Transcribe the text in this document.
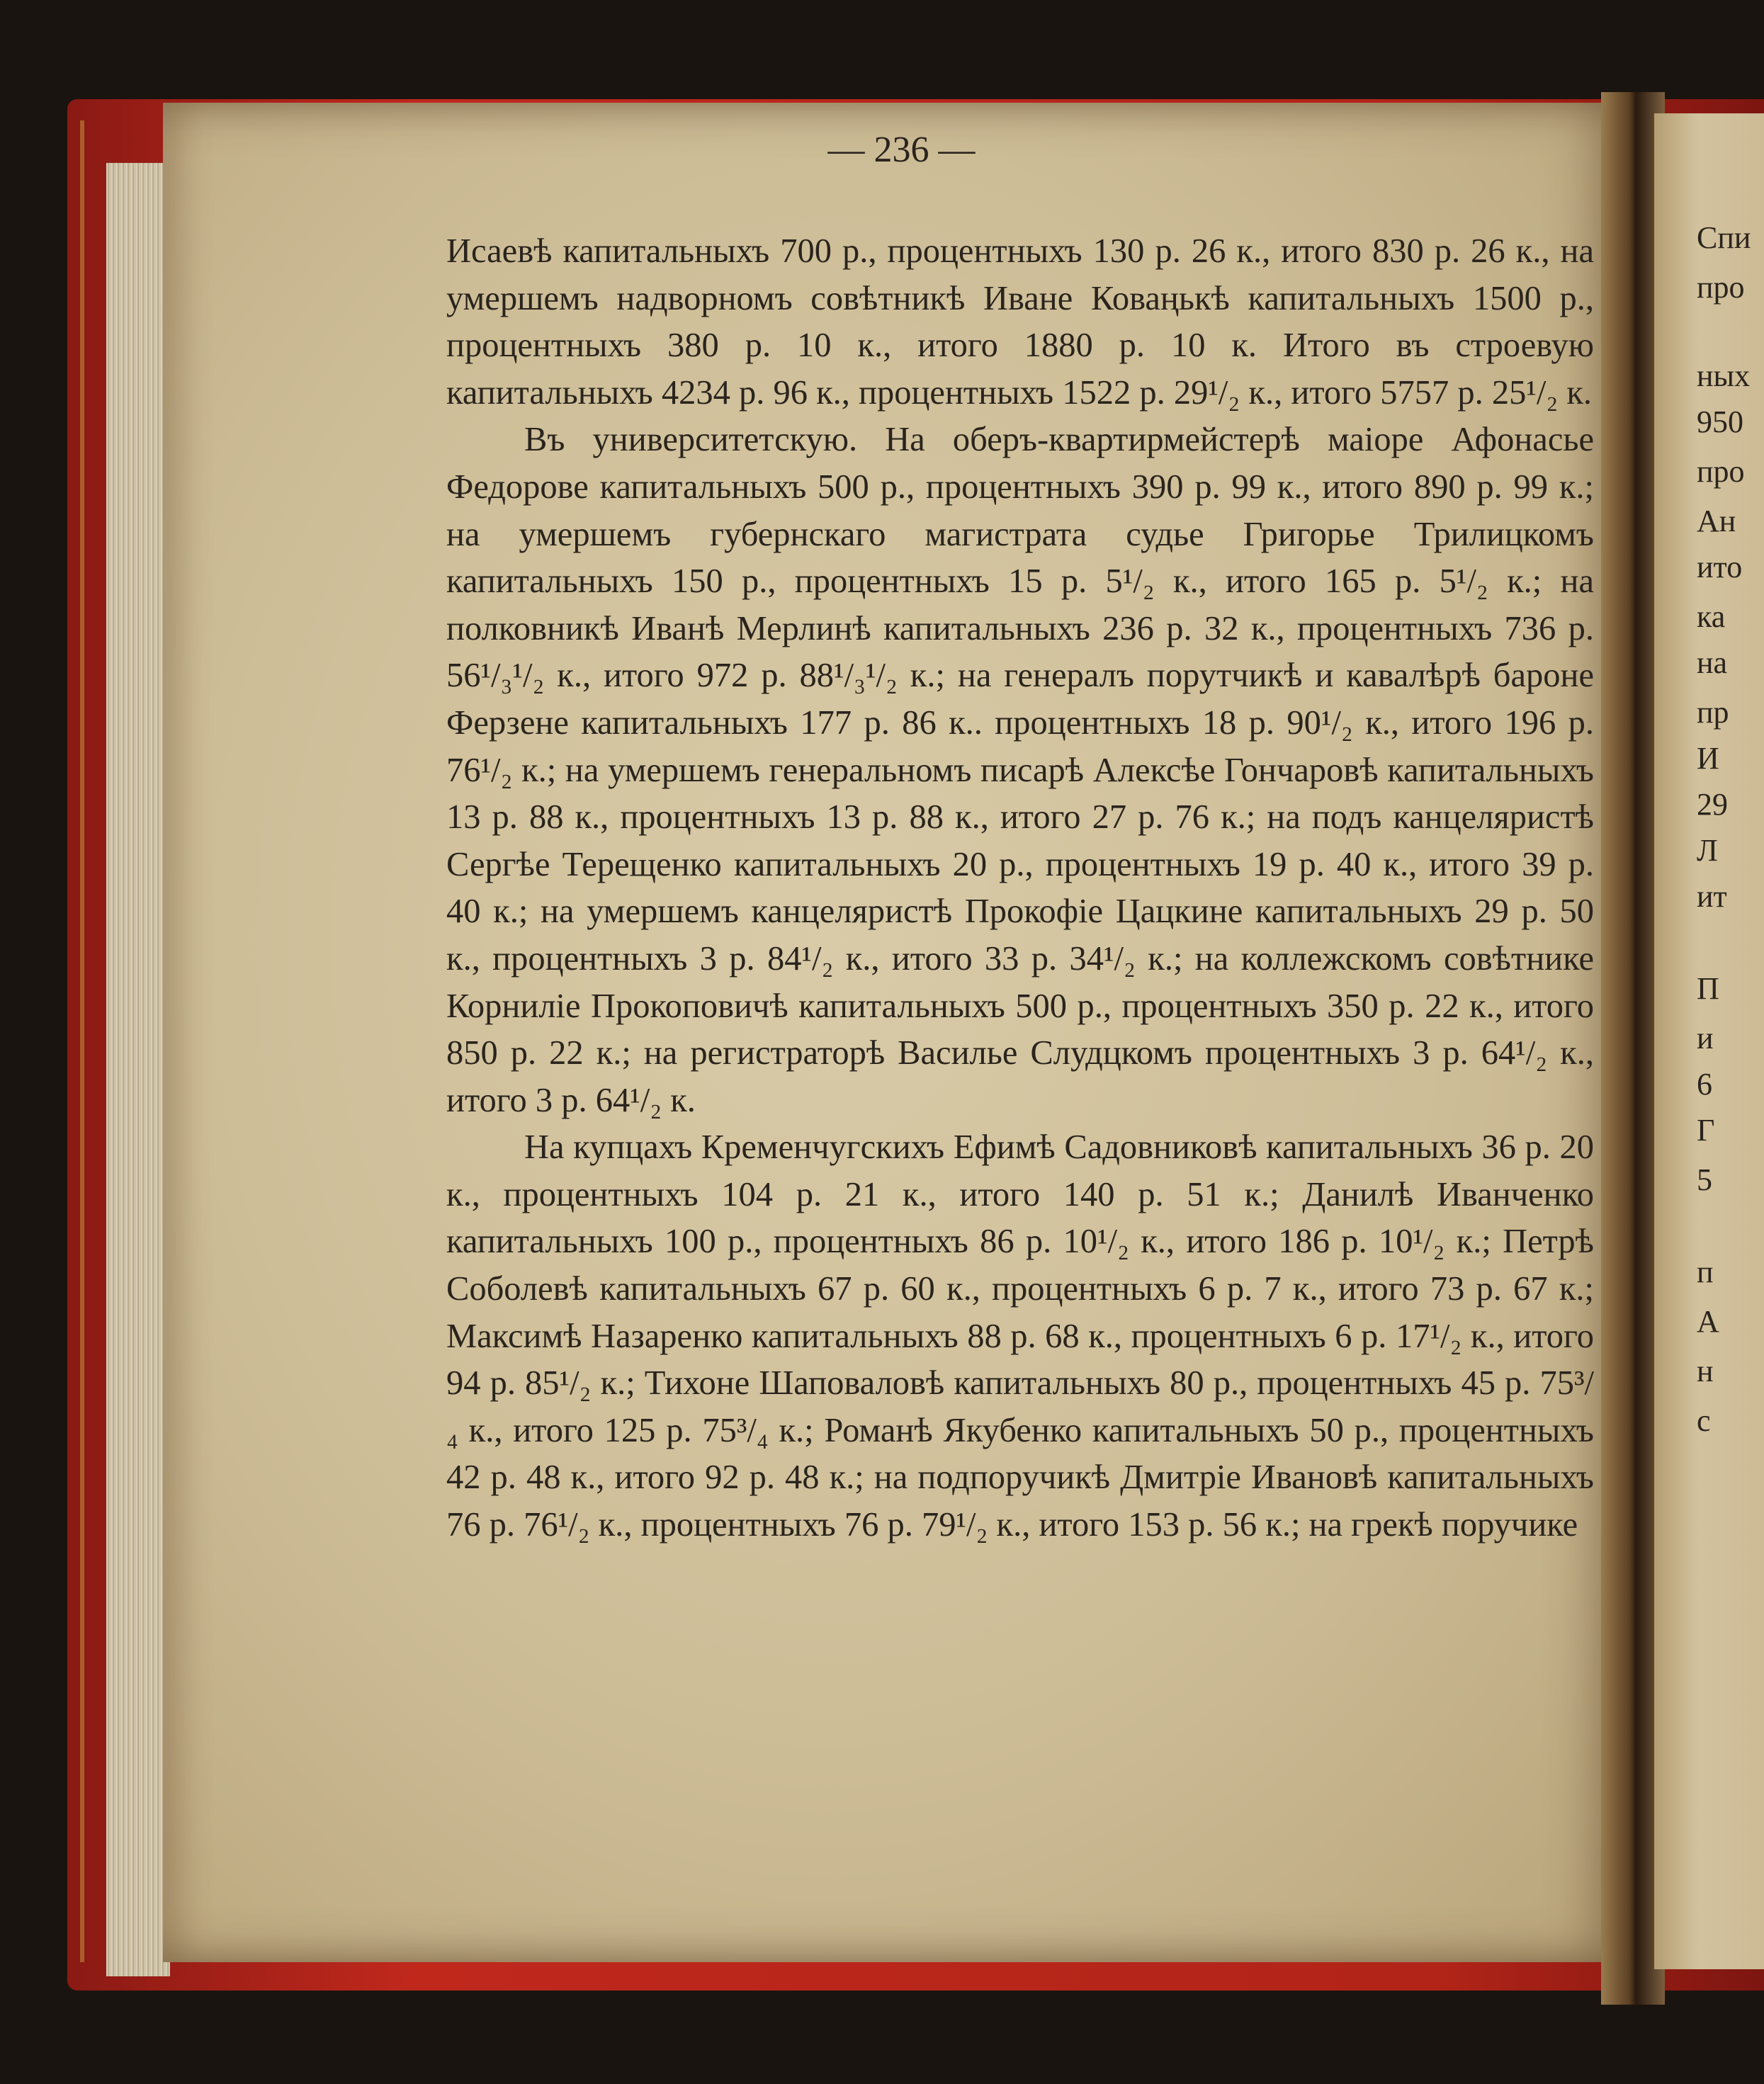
— 236 —

Исаевѣ капитальныхъ 700 р., процентныхъ 130 р. 26 к., итого 830 р. 26 к., на умершемъ надворномъ совѣтникѣ Иване Коваңькѣ капитальныхъ 1500 р., процентныхъ 380 р. 10 к., итого 1880 р. 10 к. Итого въ строевую капитальныхъ 4234 р. 96 к., процентныхъ 1522 р. 29¹/₂ к., итого 5757 р. 25¹/₂ к.

Въ университетскую. На оберъ-квартирмейстерѣ маіоре Афонасье Федорове капитальныхъ 500 р., процентныхъ 390 р. 99 к., итого 890 р. 99 к.; на умершемъ губернскаго магистрата судье Григорье Трилицкомъ капитальныхъ 150 р., процентныхъ 15 р. 5¹/₂ к., итого 165 р. 5¹/₂ к.; на полковникѣ Иванѣ Мерлинѣ капитальныхъ 236 р. 32 к., процентныхъ 736 р. 56¹/₃¹/₂ к., итого 972 р. 88¹/₃¹/₂ к.; на генералъ порутчикѣ и кавалѣрѣ бароне Ферзене капитальныхъ 177 р. 86 к.. процентныхъ 18 р. 90¹/₂ к., итого 196 р. 76¹/₂ к.; на умершемъ генеральномъ писарѣ Алексѣе Гончаровѣ капитальныхъ 13 р. 88 к., процентныхъ 13 р. 88 к., итого 27 р. 76 к.; на подъ канцеляристѣ Сергѣе Терещенко капитальныхъ 20 р., процентныхъ 19 р. 40 к., итого 39 р. 40 к.; на умершемъ канцеляристѣ Прокофіе Цацкине капитальныхъ 29 р. 50 к., процентныхъ 3 р. 84¹/₂ к., итого 33 р. 34¹/₂ к.; на коллежскомъ совѣтнике Корниліе Прокоповичѣ капитальныхъ 500 р., процентныхъ 350 р. 22 к., итого 850 р. 22 к.; на регистраторѣ Василье Слудцкомъ процентныхъ 3 р. 64¹/₂ к., итого 3 р. 64¹/₂ к.

На купцахъ Кременчугскихъ Ефимѣ Садовниковѣ капитальныхъ 36 р. 20 к., процентныхъ 104 р. 21 к., итого 140 р. 51 к.; Данилѣ Иванченко капитальныхъ 100 р., процентныхъ 86 р. 10¹/₂ к., итого 186 р. 10¹/₂ к.; Петрѣ Соболевѣ капитальныхъ 67 р. 60 к., процентныхъ 6 р. 7 к., итого 73 р. 67 к.; Максимѣ Назаренко капитальныхъ 88 р. 68 к., процентныхъ 6 р. 17¹/₂ к., итого 94 р. 85¹/₂ к.; Тихоне Шаповаловѣ капитальныхъ 80 р., процентныхъ 45 р. 75³/₄ к., итого 125 р. 75³/₄ к.; Романѣ Якубенко капитальныхъ 50 р., процентныхъ 42 р. 48 к., итого 92 р. 48 к.; на подпоручикѣ Дмитріе Ивановѣ капитальныхъ 76 р. 76¹/₂ к., процентныхъ 76 р. 79¹/₂ к., итого 153 р. 56 к.; на грекѣ поручике

Спи
про
ных
950
про
Ан
ито
ка
на
пр
И
29
Л
ит
П
и
6
Г
5
п
А
н
с
